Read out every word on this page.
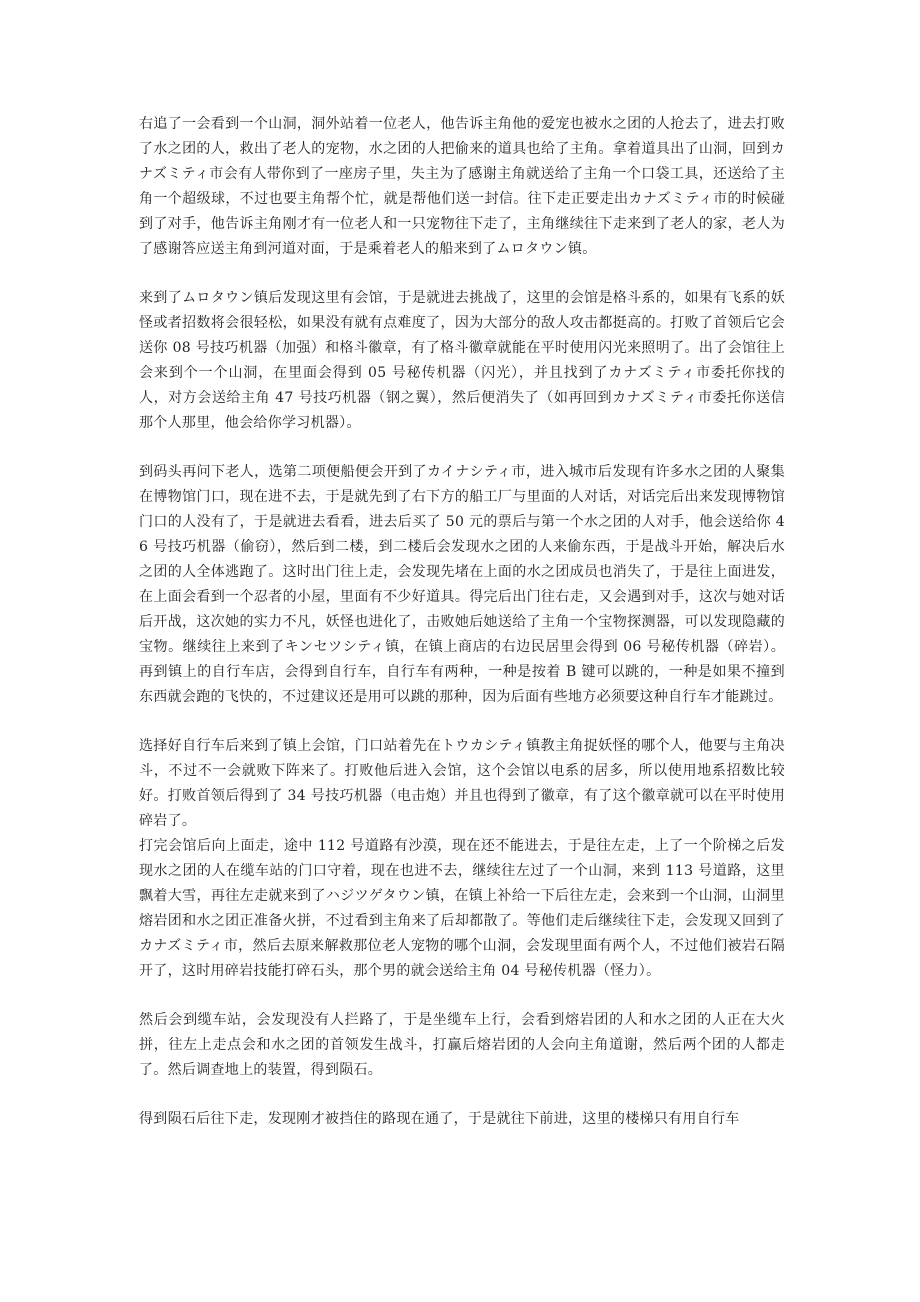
右追了一会看到一个山洞，洞外站着一位老人，他告诉主角他的爱宠也被水之团的人抢去了，进去打败了水之团的人，救出了老人的宠物，水之团的人把偷来的道具也给了主角。拿着道具出了山洞，回到カナズミティ市会有人带你到了一座房子里，失主为了感谢主角就送给了主角一个口袋工具，还送给了主角一个超级球，不过也要主角帮个忙，就是帮他们送一封信。往下走正要走出カナズミティ市的时候碰到了对手，他告诉主角刚才有一位老人和一只宠物往下走了，主角继续往下走来到了老人的家，老人为了感谢答应送主角到河道对面，于是乘着老人的船来到了ムロタウン镇。

来到了ムロタウン镇后发现这里有会馆，于是就进去挑战了，这里的会馆是格斗系的，如果有飞系的妖怪或者招数将会很轻松，如果没有就有点难度了，因为大部分的敌人攻击都挺高的。打败了首领后它会送你 08 号技巧机器（加强）和格斗徽章，有了格斗徽章就能在平时使用闪光来照明了。出了会馆往上会来到个一个山洞，在里面会得到 05 号秘传机器（闪光），并且找到了カナズミティ市委托你找的人，对方会送给主角 47 号技巧机器（钢之翼），然后便消失了（如再回到カナズミティ市委托你送信那个人那里，他会给你学习机器）。

到码头再问下老人，选第二项便船便会开到了カイナシティ市，进入城市后发现有许多水之团的人聚集在博物馆门口，现在进不去，于是就先到了右下方的船工厂与里面的人对话，对话完后出来发现博物馆门口的人没有了，于是就进去看看，进去后买了 50 元的票后与第一个水之团的人对手，他会送给你 46 号技巧机器（偷窃），然后到二楼，到二楼后会发现水之团的人来偷东西，于是战斗开始，解决后水之团的人全体逃跑了。这时出门往上走，会发现先堵在上面的水之团成员也消失了，于是往上面进发，在上面会看到一个忍者的小屋，里面有不少好道具。得完后出门往右走，又会遇到对手，这次与她对话后开战，这次她的实力不凡，妖怪也进化了，击败她后她送给了主角一个宝物探测器，可以发现隐藏的宝物。继续往上来到了キンセツシティ镇，在镇上商店的右边民居里会得到 06 号秘传机器（碎岩）。再到镇上的自行车店，会得到自行车，自行车有两种，一种是按着 B 键可以跳的，一种是如果不撞到东西就会跑的飞快的，不过建议还是用可以跳的那种，因为后面有些地方必须要这种自行车才能跳过。

选择好自行车后来到了镇上会馆，门口站着先在トウカシティ镇教主角捉妖怪的哪个人，他要与主角决斗，不过不一会就败下阵来了。打败他后进入会馆，这个会馆以电系的居多，所以使用地系招数比较好。打败首领后得到了 34 号技巧机器（电击炮）并且也得到了徽章，有了这个徽章就可以在平时使用碎岩了。

打完会馆后向上面走，途中 112 号道路有沙漠，现在还不能进去，于是往左走，上了一个阶梯之后发现水之团的人在缆车站的门口守着，现在也进不去，继续往左过了一个山洞，来到 113 号道路，这里飘着大雪，再往左走就来到了ハジツゲタウン镇，在镇上补给一下后往左走，会来到一个山洞，山洞里熔岩团和水之团正准备火拼，不过看到主角来了后却都散了。等他们走后继续往下走，会发现又回到了カナズミティ市，然后去原来解救那位老人宠物的哪个山洞，会发现里面有两个人，不过他们被岩石隔开了，这时用碎岩技能打碎石头，那个男的就会送给主角 04 号秘传机器（怪力）。

然后会到缆车站，会发现没有人拦路了，于是坐缆车上行，会看到熔岩团的人和水之团的人正在大火拼，往左上走点会和水之团的首领发生战斗，打赢后熔岩团的人会向主角道谢，然后两个团的人都走了。然后调查地上的装置，得到陨石。

得到陨石后往下走，发现刚才被挡住的路现在通了，于是就往下前进，这里的楼梯只有用自行车
